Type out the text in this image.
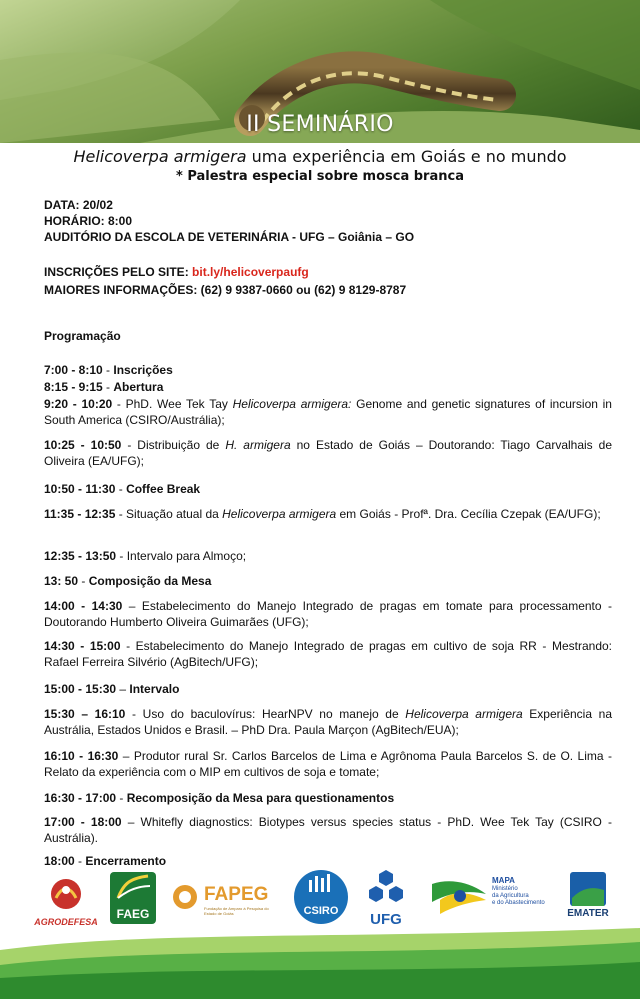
II SEMINÁRIO
Helicoverpa armigera uma experiência em Goiás e no mundo
* Palestra especial sobre mosca branca
DATA: 20/02
HORÁRIO: 8:00
AUDITÓRIO DA ESCOLA DE VETERINÁRIA - UFG – Goiânia – GO
INSCRIÇÕES PELO SITE: bit.ly/helicoverpaufg
MAIORES INFORMAÇÕES: (62) 9 9387-0660 ou (62) 9 8129-8787
Programação
7:00 - 8:10 - Inscrições
8:15 - 9:15 - Abertura
9:20 - 10:20 - PhD. Wee Tek Tay Helicoverpa armigera: Genome and genetic signatures of incursion in South America (CSIRO/Austrália);
10:25 - 10:50 - Distribuição de H. armigera no Estado de Goiás – Doutorando: Tiago Carvalhais de Oliveira (EA/UFG);
10:50 - 11:30 - Coffee Break
11:35 - 12:35 - Situação atual da Helicoverpa armigera em Goiás - Profª. Dra. Cecília Czepak (EA/UFG);
12:35 - 13:50 - Intervalo para Almoço;
13: 50 - Composição da Mesa
14:00 - 14:30 – Estabelecimento do Manejo Integrado de pragas em tomate para processamento - Doutorando Humberto Oliveira Guimarães (UFG);
14:30 - 15:00 - Estabelecimento do Manejo Integrado de pragas em cultivo de soja RR - Mestrando: Rafael Ferreira Silvério (AgBitech/UFG);
15:00 - 15:30 – Intervalo
15:30 – 16:10 - Uso do baculovírus: HearNPV no manejo de Helicoverpa armigera Experiência na Austrália, Estados Unidos e Brasil. – PhD Dra. Paula Marçon (AgBitech/EUA);
16:10 - 16:30 – Produtor rural Sr. Carlos Barcelos de Lima e Agrônoma Paula Barcelos S. de O. Lima - Relato da experiência com o MIP em cultivos de soja e tomate;
16:30 - 17:00 - Recomposição da Mesa para questionamentos
17:00 - 18:00 – Whitefly diagnostics: Biotypes versus species status - PhD. Wee Tek Tay (CSIRO - Austrália).
18:00 - Encerramento
AGRODEFESA
FAEG
FAPEG
Fundação de Amparo à Pesquisa do Estado de Goiás	CSIRO	UFG
MAPA
Ministério
da Agricultura
e do Abastecimento
EMATER
